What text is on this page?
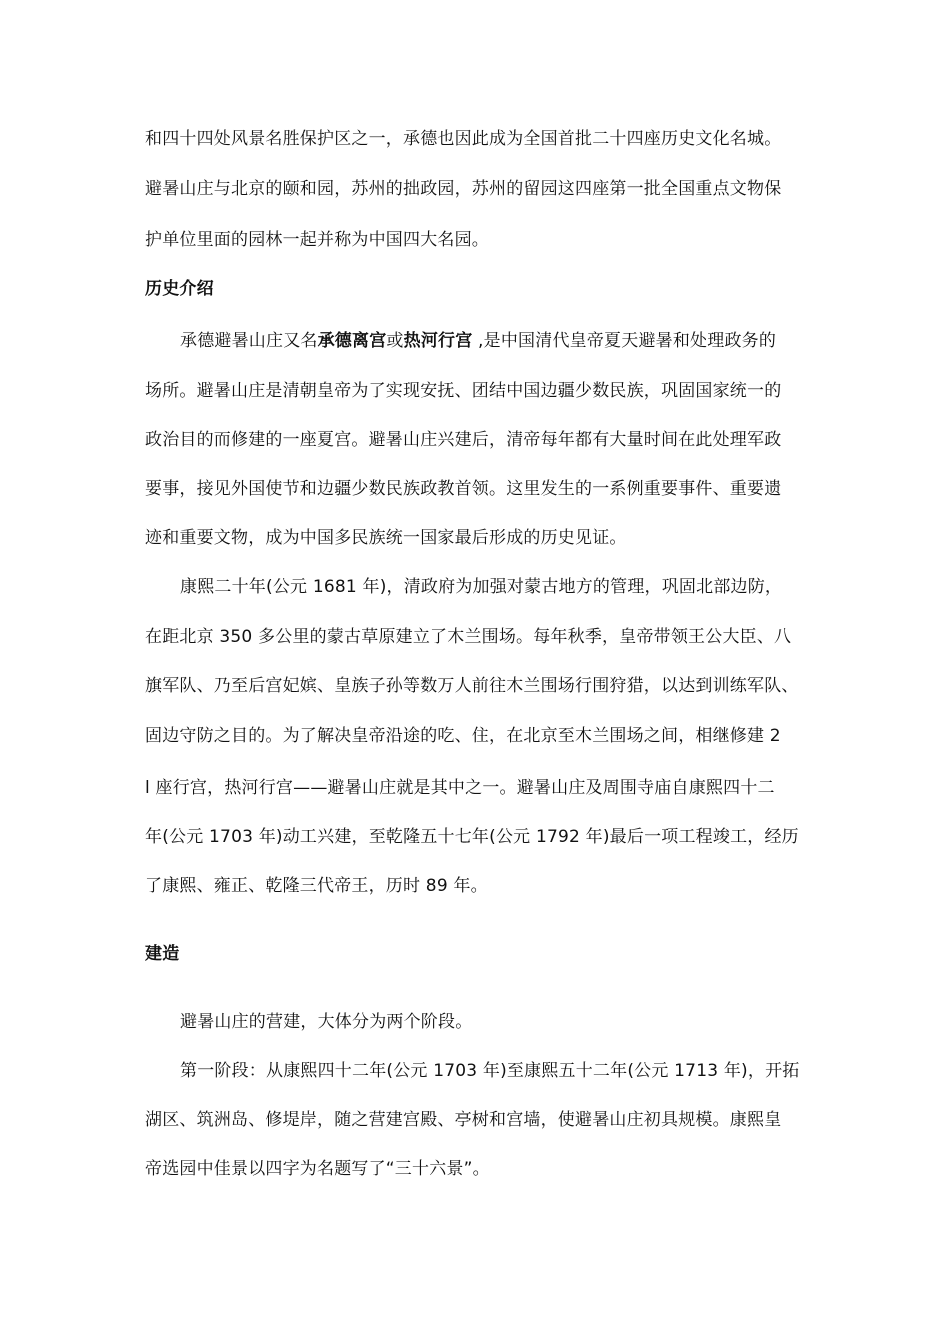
和四十四处风景名胜保护区之一，承德也因此成为全国首批二十四座历史文化名城。
避暑山庄与北京的颐和园，苏州的拙政园，苏州的留园这四座第一批全国重点文物保
护单位里面的园林一起并称为中国四大名园。
历史介绍
承德避暑山庄又名承德离宫或热河行宫 ,是中国清代皇帝夏天避暑和处理政务的
场所。避暑山庄是清朝皇帝为了实现安抚、团结中国边疆少数民族，巩固国家统一的
政治目的而修建的一座夏宫。避暑山庄兴建后，清帝每年都有大量时间在此处理军政
要事，接见外国使节和边疆少数民族政教首领。这里发生的一系例重要事件、重要遗
迹和重要文物，成为中国多民族统一国家最后形成的历史见证。
康熙二十年(公元 1681 年)，清政府为加强对蒙古地方的管理，巩固北部边防，
在距北京 350 多公里的蒙古草原建立了木兰围场。每年秋季，皇帝带领王公大臣、八
旗军队、乃至后宫妃嫔、皇族子孙等数万人前往木兰围场行围狩猎，以达到训练军队、
固边守防之目的。为了解决皇帝沿途的吃、住，在北京至木兰围场之间，相继修建 2
l 座行宫，热河行宫——避暑山庄就是其中之一。避暑山庄及周围寺庙自康熙四十二
年(公元 1703 年)动工兴建，至乾隆五十七年(公元 1792 年)最后一项工程竣工，经历
了康熙、雍正、乾隆三代帝王，历时 89 年。
建造
避暑山庄的营建，大体分为两个阶段。
第一阶段：从康熙四十二年(公元 1703 年)至康熙五十二年(公元 1713 年)，开拓
湖区、筑洲岛、修堤岸，随之营建宫殿、亭树和宫墙，使避暑山庄初具规模。康熙皇
帝选园中佳景以四字为名题写了“三十六景”。
